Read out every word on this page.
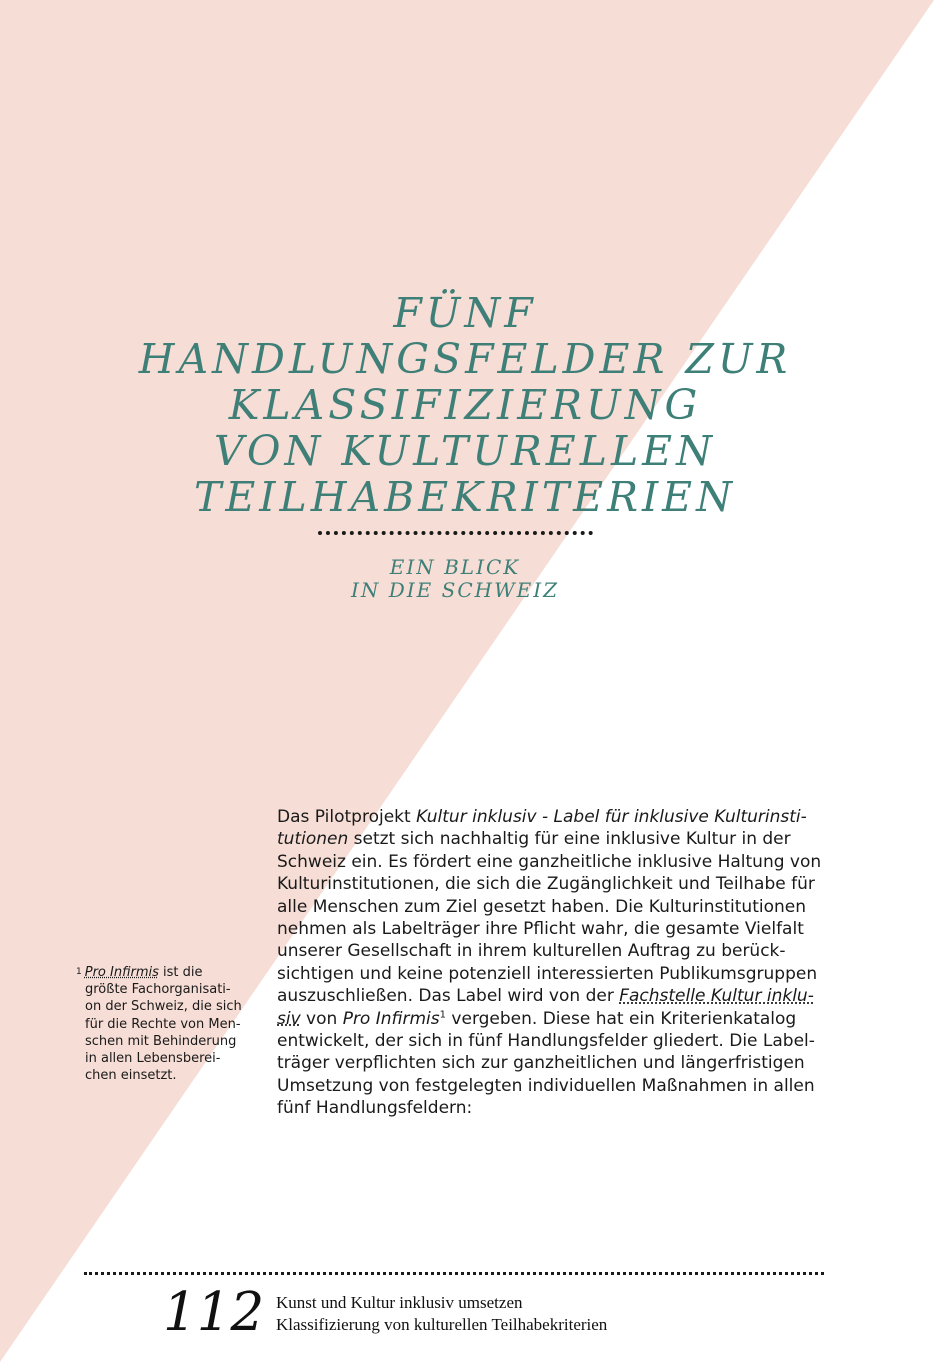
FÜNF
HANDLUNGSFELDER ZUR
KLASSIFIZIERUNG
VON KULTURELLEN
TEILHABEKRITERIEN
EIN BLICK
IN DIE SCHWEIZ
$^1$ Pro Infirmis ist die
größte Fachorganisati-
on der Schweiz, die sich
für die Rechte von Men-
schen mit Behinderung
in allen Lebensberei-
chen einsetzt.
Das Pilotprojekt Kultur inklusiv - Label für inklusive Kulturinsti-
tutionen setzt sich nachhaltig für eine inklusive Kultur in der
Schweiz ein. Es fördert eine ganzheitliche inklusive Haltung von
Kulturinstitutionen, die sich die Zugänglichkeit und Teilhabe für
alle Menschen zum Ziel gesetzt haben. Die Kulturinstitutionen
nehmen als Labelträger ihre Pflicht wahr, die gesamte Vielfalt
unserer Gesellschaft in ihrem kulturellen Auftrag zu berück-
sichtigen und keine potenziell interessierten Publikumsgruppen
auszuschließen. Das Label wird von der Fachstelle Kultur inklu-
siv von Pro Infirmis$^1$ vergeben. Diese hat ein Kriterienkatalog
entwickelt, der sich in fünf Handlungsfelder gliedert. Die Label-
träger verpflichten sich zur ganzheitlichen und längerfristigen
Umsetzung von festgelegten individuellen Maßnahmen in allen
fünf Handlungsfeldern:
112 Kunst und Kultur inklusiv umsetzen
Klassifizierung von kulturellen Teilhabekriterien
